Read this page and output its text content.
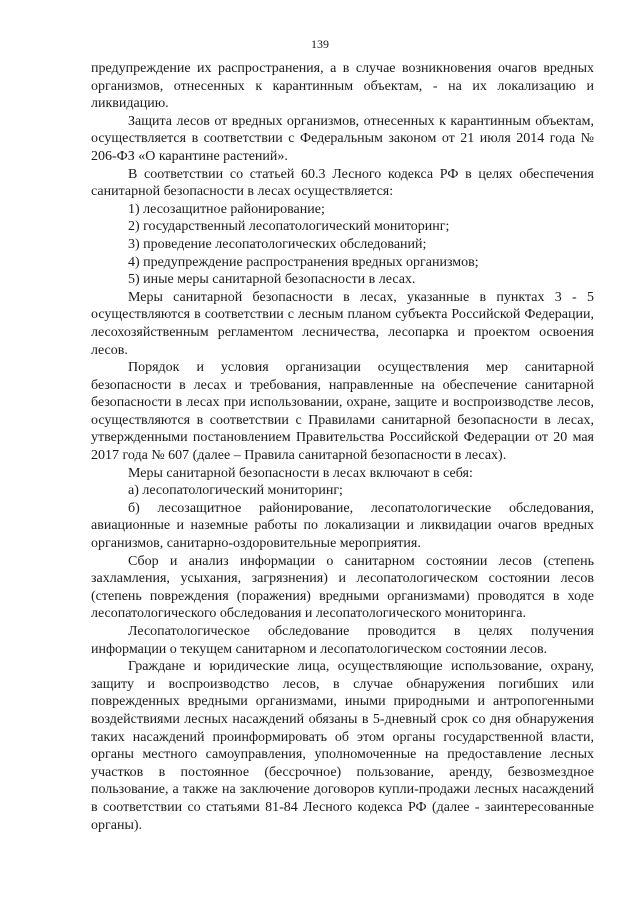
139

предупреждение их распространения, а в случае возникновения очагов вредных организмов, отнесенных к карантинным объектам, - на их локализацию и ликвидацию.

Защита лесов от вредных организмов, отнесенных к карантинным объектам, осуществляется в соответствии с Федеральным законом от 21 июля 2014 года № 206-ФЗ «О карантине растений».

В соответствии со статьей 60.3 Лесного кодекса РФ в целях обеспечения санитарной безопасности в лесах осуществляется:

1) лесозащитное районирование;

2) государственный лесопатологический мониторинг;

3) проведение лесопатологических обследований;

4) предупреждение распространения вредных организмов;

5) иные меры санитарной безопасности в лесах.

Меры санитарной безопасности в лесах, указанные в пунктах 3 - 5 осуществляются в соответствии с лесным планом субъекта Российской Федерации, лесохозяйственным регламентом лесничества, лесопарка и проектом освоения лесов.

Порядок и условия организации осуществления мер санитарной безопасности в лесах и требования, направленные на обеспечение санитарной безопасности в лесах при использовании, охране, защите и воспроизводстве лесов, осуществляются в соответствии с Правилами санитарной безопасности в лесах, утвержденными постановлением Правительства Российской Федерации от 20 мая 2017 года № 607 (далее – Правила санитарной безопасности в лесах).

Меры санитарной безопасности в лесах включают в себя:

а) лесопатологический мониторинг;

б) лесозащитное районирование, лесопатологические обследования, авиационные и наземные работы по локализации и ликвидации очагов вредных организмов, санитарно-оздоровительные мероприятия.

Сбор и анализ информации о санитарном состоянии лесов (степень захламления, усыхания, загрязнения) и лесопатологическом состоянии лесов (степень повреждения (поражения) вредными организмами) проводятся в ходе лесопатологического обследования и лесопатологического мониторинга.

Лесопатологическое обследование проводится в целях получения информации о текущем санитарном и лесопатологическом состоянии лесов.

Граждане и юридические лица, осуществляющие использование, охрану, защиту и воспроизводство лесов, в случае обнаружения погибших или поврежденных вредными организмами, иными природными и антропогенными воздействиями лесных насаждений обязаны в 5-дневный срок со дня обнаружения таких насаждений проинформировать об этом органы государственной власти, органы местного самоуправления, уполномоченные на предоставление лесных участков в постоянное (бессрочное) пользование, аренду, безвозмездное пользование, а также на заключение договоров купли-продажи лесных насаждений в соответствии со статьями 81-84 Лесного кодекса РФ (далее - заинтересованные органы).
